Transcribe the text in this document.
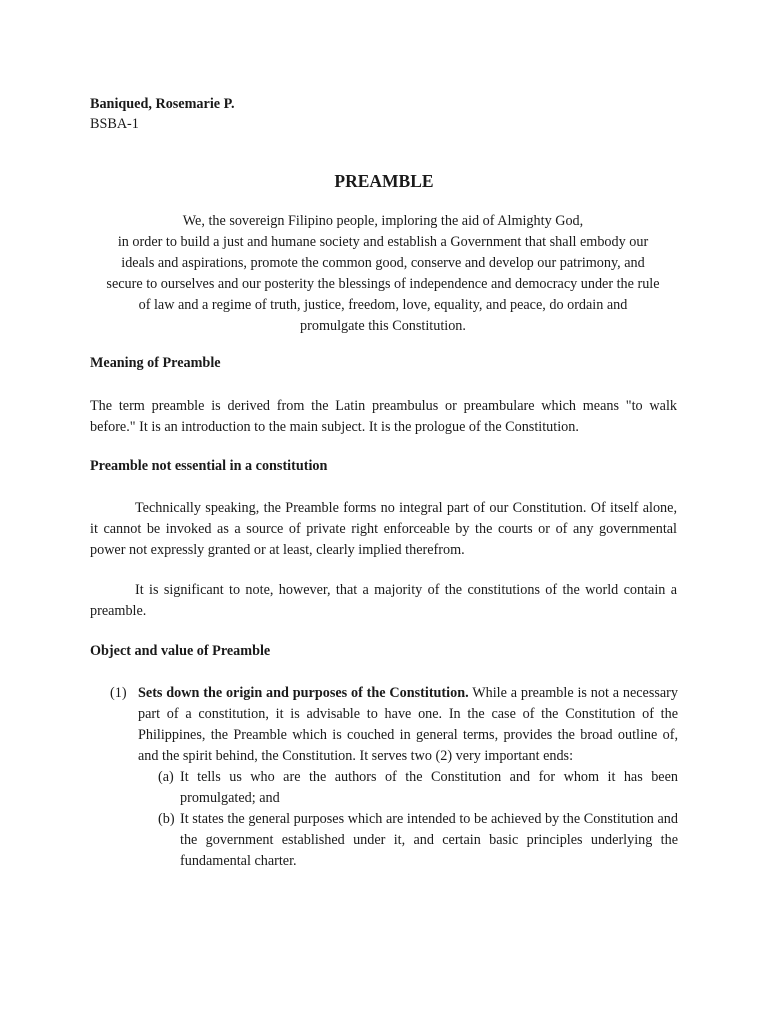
Baniqued, Rosemarie P.
BSBA-1
PREAMBLE
We, the sovereign Filipino people, imploring the aid of Almighty God,
in order to build a just and humane society and establish a Government that shall embody our
ideals and aspirations, promote the common good, conserve and develop our patrimony, and
secure to ourselves and our posterity the blessings of independence and democracy under the rule
of law and a regime of truth, justice, freedom, love, equality, and peace, do ordain and
promulgate this Constitution.
Meaning of Preamble
The term preamble is derived from the Latin preambulus or preambulare which means "to walk before." It is an introduction to the main subject. It is the prologue of the Constitution.
Preamble not essential in a constitution
Technically speaking, the Preamble forms no integral part of our Constitution. Of itself alone, it cannot be invoked as a source of private right enforceable by the courts or of any governmental power not expressly granted or at least, clearly implied therefrom.
It is significant to note, however, that a majority of the constitutions of the world contain a preamble.
Object and value of Preamble
(1) Sets down the origin and purposes of the Constitution. While a preamble is not a necessary part of a constitution, it is advisable to have one. In the case of the Constitution of the Philippines, the Preamble which is couched in general terms, provides the broad outline of, and the spirit behind, the Constitution. It serves two (2) very important ends:
(a) It tells us who are the authors of the Constitution and for whom it has been promulgated; and
(b) It states the general purposes which are intended to be achieved by the Constitution and the government established under it, and certain basic principles underlying the fundamental charter.
